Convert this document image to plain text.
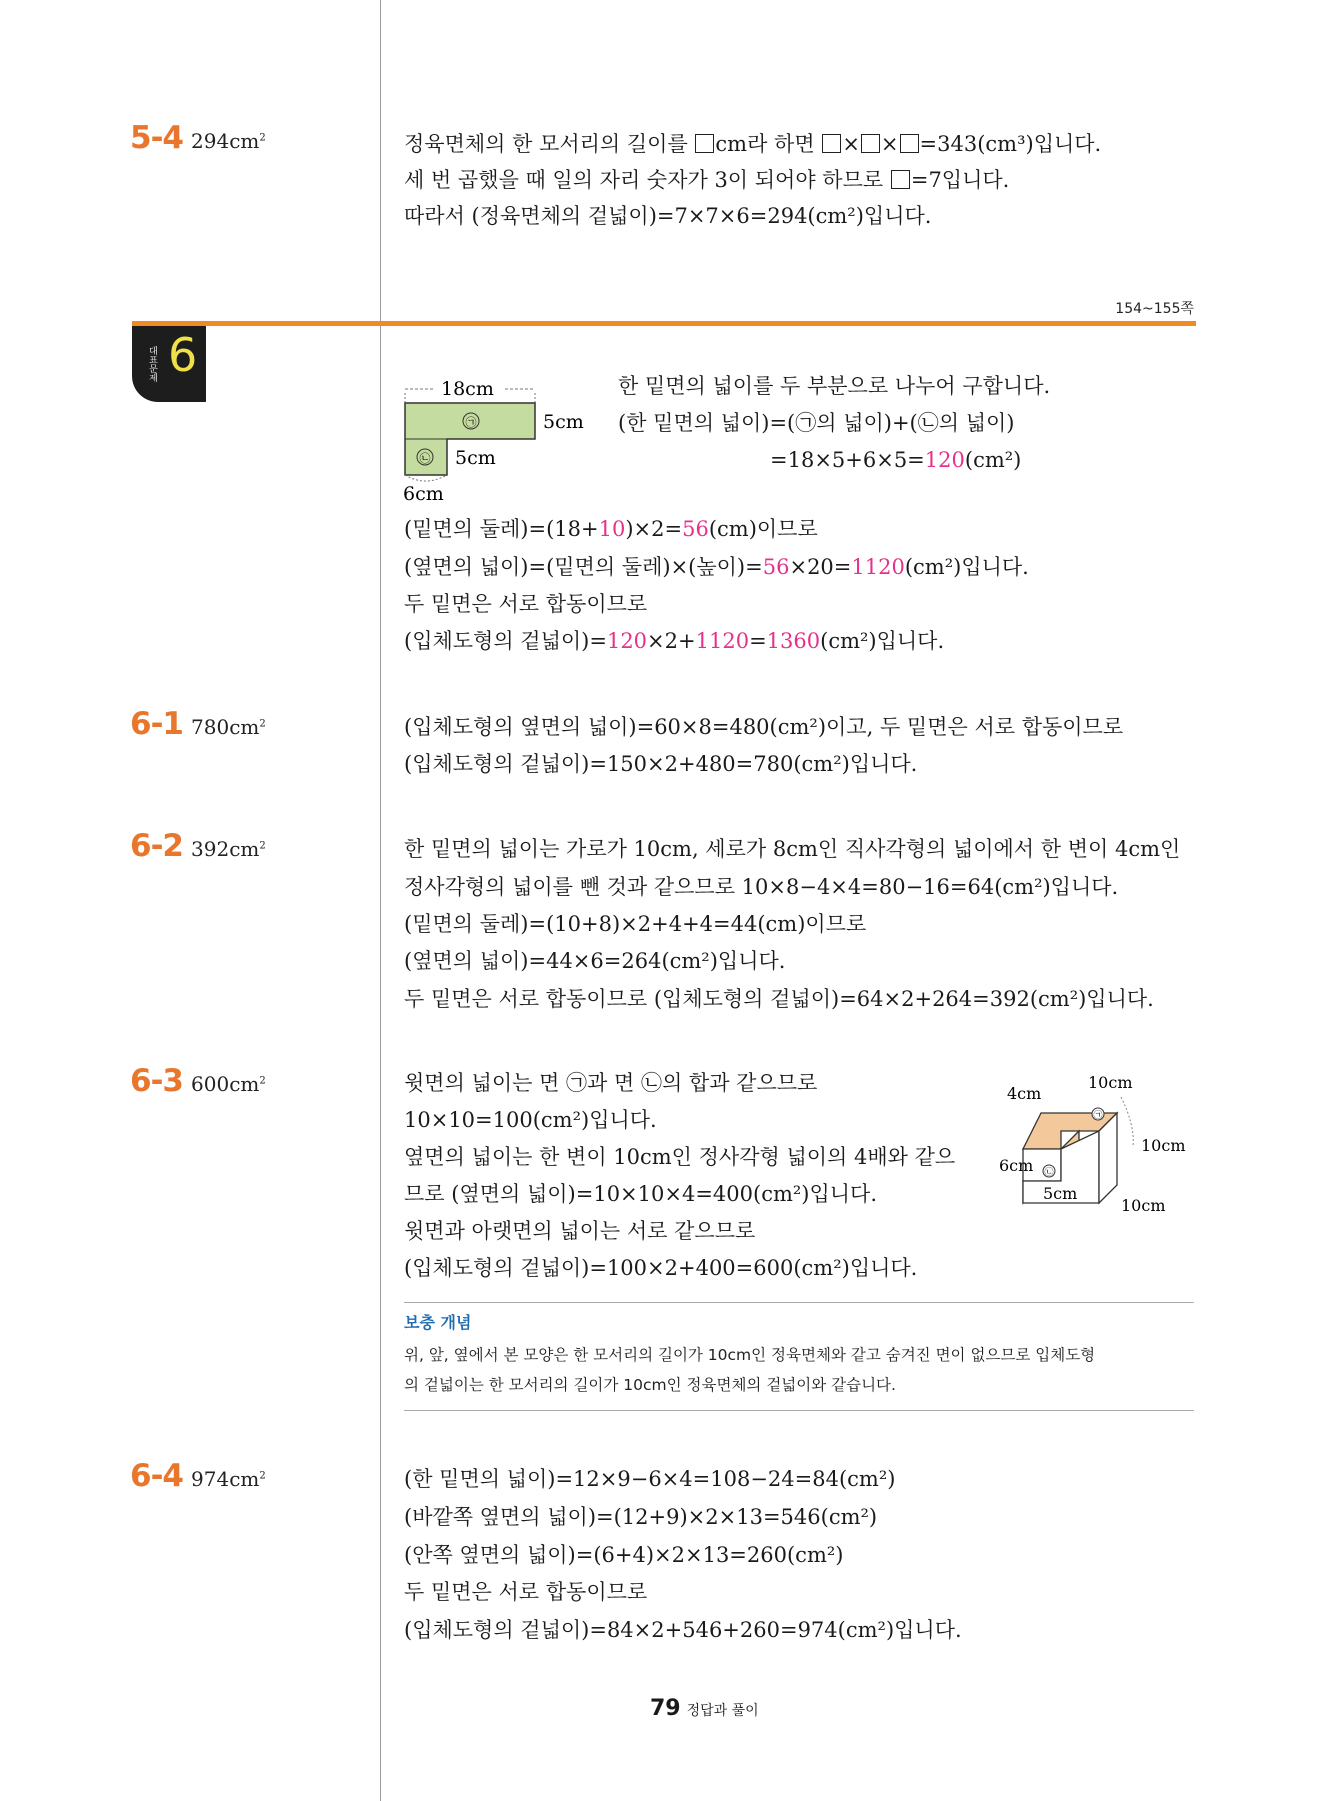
5-4 $294cm^2$	정육면체의 한 모서리의 길이를 cm라 하면 × × =343(cm³)입니다.
세 번 곱했을 때 일의 자리 숫자가 3이 되어야 하므로 =7입니다.
따라서 (정육면체의 겉넓이)=7×7×6=294(cm²)입니다.
154~155쪽
대표문제 6
18cm
㉠
㉡
5cm
5cm
6cm
한 밑면의 넓이를 두 부분으로 나누어 구합니다.
(한 밑면의 넓이)=(㉠의 넓이)+(㉡의 넓이)
=18×5+6×5=120(cm²)
(밑면의 둘레)=(18+10)×2=56(cm)이므로
(옆면의 넓이)=(밑면의 둘레)×(높이)=56×20=1120(cm²)입니다.
두 밑면은 서로 합동이므로
(입체도형의 겉넓이)=120×2+1120=1360(cm²)입니다.
6-1 $780cm^2$	(입체도형의 옆면의 넓이)=60×8=480(cm²)이고, 두 밑면은 서로 합동이므로
(입체도형의 겉넓이)=150×2+480=780(cm²)입니다.
6-2 $392cm^2$	한 밑면의 넓이는 가로가 10cm, 세로가 8cm인 직사각형의 넓이에서 한 변이 4cm인
정사각형의 넓이를 뺀 것과 같으므로 10×8−4×4=80−16=64(cm²)입니다.
(밑면의 둘레)=(10+8)×2+4+4=44(cm)이므로
(옆면의 넓이)=44×6=264(cm²)입니다.
두 밑면은 서로 합동이므로 (입체도형의 겉넓이)=64×2+264=392(cm²)입니다.
6-3 $600cm^2$	윗면의 넓이는 면 ㉠과 면 ㉡의 합과 같으므로
10×10=100(cm²)입니다.
옆면의 넓이는 한 변이 10cm인 정사각형 넓이의 4배와 같으
므로 (옆면의 넓이)=10×10×4=400(cm²)입니다.
윗면과 아랫면의 넓이는 서로 같으므로
(입체도형의 겉넓이)=100×2+400=600(cm²)입니다.
㉠
㉡
4cm
10cm
10cm
6cm
5cm
10cm
보충 개념
위, 앞, 옆에서 본 모양은 한 모서리의 길이가 10cm인 정육면체와 같고 숨겨진 면이 없으므로 입체도형
의 겉넓이는 한 모서리의 길이가 10cm인 정육면체의 겉넓이와 같습니다.
6-4 $974cm^2$	(한 밑면의 넓이)=12×9−6×4=108−24=84(cm²)
(바깥쪽 옆면의 넓이)=(12+9)×2×13=546(cm²)
(안쪽 옆면의 넓이)=(6+4)×2×13=260(cm²)
두 밑면은 서로 합동이므로
(입체도형의 겉넓이)=84×2+546+260=974(cm²)입니다.
79 정답과 풀이
